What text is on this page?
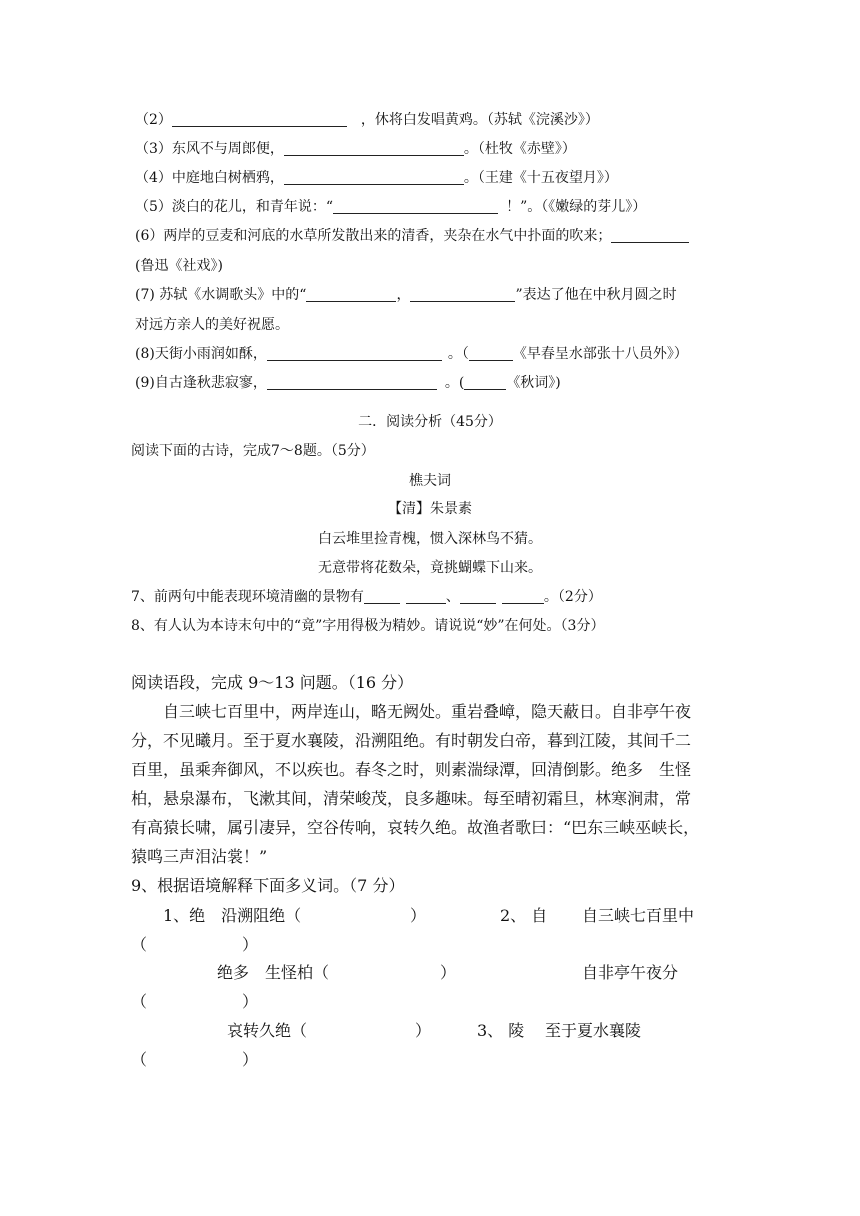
（2）	，休将白发唱黄鸡。（苏轼《浣溪沙》）
（3）东风不与周郎便，	。（杜牧《赤壁》）
（4）中庭地白树栖鸦，	。（王建《十五夜望月》）
（5）淡白的花儿，和青年说：“	！”。（《嫩绿的芽儿》）
(6）两岸的豆麦和河底的水草所发散出来的清香，夹杂在水气中扑面的吹来；
(鲁迅《社戏》)
(7) 苏轼《水调歌头》中的“	，	”表达了他在中秋月圆之时
对远方亲人的美好祝愿。
(8)天街小雨润如酥，	。（	《早春呈水部张十八员外》）
(9)自古逢秋悲寂寥，	。(	《秋词》)
二．阅读分析（45分）
阅读下面的古诗，完成7～8题。（5分）
樵夫词
【清】朱景素
白云堆里捡青槐，惯入深林鸟不猜。
无意带将花数朵，竟挑蝴蝶下山来。
7、前两句中能表现环境清幽的景物有	、	。（2分）
8、有人认为本诗末句中的“竟”字用得极为精妙。请说说“妙”在何处。（3分）
阅读语段，完成 9～13 问题。（16 分）
自三峡七百里中，两岸连山，略无阙处。重岩叠嶂，隐天蔽日。自非亭午夜
分，不见曦月。至于夏水襄陵，沿溯阻绝。有时朝发白帝，暮到江陵，其间千二
百里，虽乘奔御风，不以疾也。春冬之时，则素湍绿潭，回清倒影。绝多　生怪
柏，悬泉瀑布，飞漱其间，清荣峻茂，良多趣味。每至晴初霜旦，林寒涧肃，常
有高猿长啸，属引凄异，空谷传响，哀转久绝。故渔者歌曰：“巴东三峡巫峡长，
猿鸣三声泪沾裳！”
9、根据语境解释下面多义词。（7 分）
1、绝　沿溯阻绝（	）	2、 自 自三峡七百里中
（	）
绝多　生怪柏（	）	自非亭午夜分
（	）
哀转久绝（	）	3、 陵 至于夏水襄陵
（	）
